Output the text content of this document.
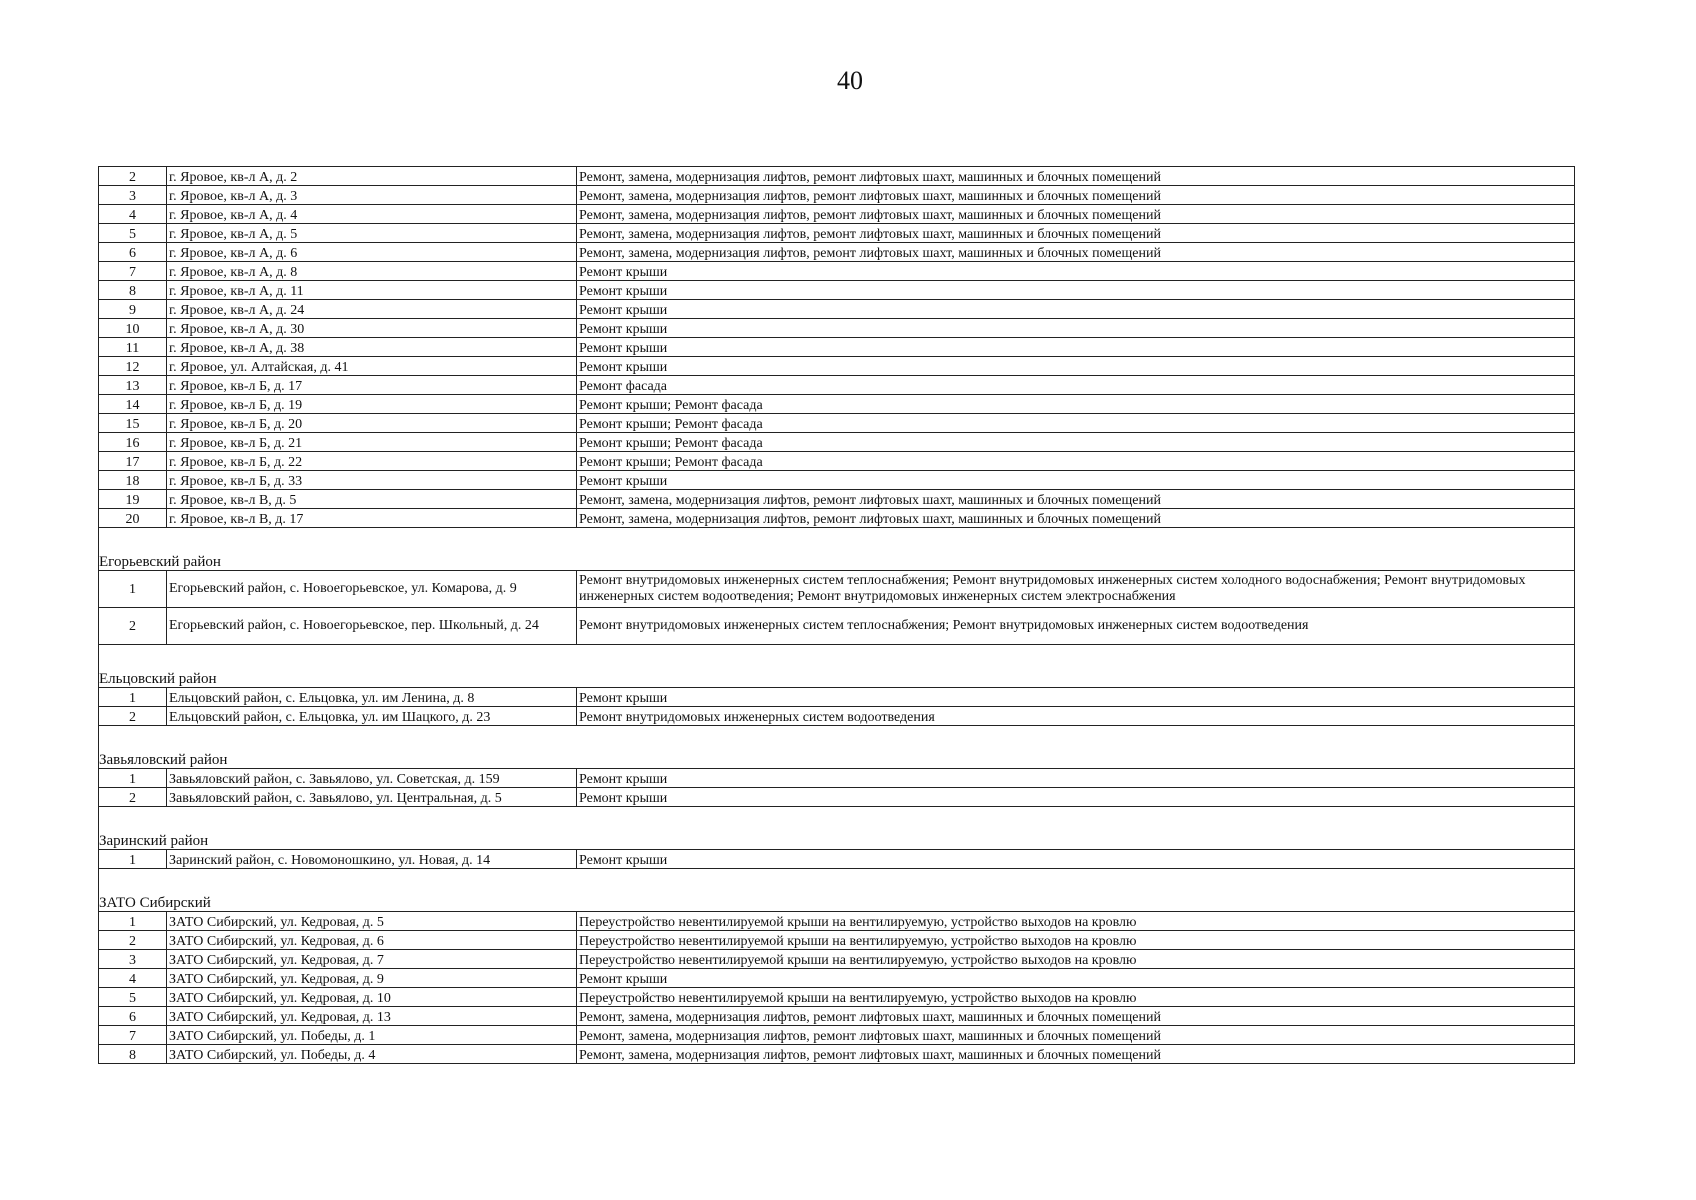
40
2	г. Яровое, кв-л А, д. 2	Ремонт, замена, модернизация лифтов, ремонт лифтовых шахт, машинных и блочных помещений
3	г. Яровое, кв-л А, д. 3	Ремонт, замена, модернизация лифтов, ремонт лифтовых шахт, машинных и блочных помещений
4	г. Яровое, кв-л А, д. 4	Ремонт, замена, модернизация лифтов, ремонт лифтовых шахт, машинных и блочных помещений
5	г. Яровое, кв-л А, д. 5	Ремонт, замена, модернизация лифтов, ремонт лифтовых шахт, машинных и блочных помещений
6	г. Яровое, кв-л А, д. 6	Ремонт, замена, модернизация лифтов, ремонт лифтовых шахт, машинных и блочных помещений
7	г. Яровое, кв-л А, д. 8	Ремонт крыши
8	г. Яровое, кв-л А, д. 11	Ремонт крыши
9	г. Яровое, кв-л А, д. 24	Ремонт крыши
10	г. Яровое, кв-л А, д. 30	Ремонт крыши
11	г. Яровое, кв-л А, д. 38	Ремонт крыши
12	г. Яровое, ул. Алтайская, д. 41	Ремонт крыши
13	г. Яровое, кв-л Б, д. 17	Ремонт фасада
14	г. Яровое, кв-л Б, д. 19	Ремонт крыши; Ремонт фасада
15	г. Яровое, кв-л Б, д. 20	Ремонт крыши; Ремонт фасада
16	г. Яровое, кв-л Б, д. 21	Ремонт крыши; Ремонт фасада
17	г. Яровое, кв-л Б, д. 22	Ремонт крыши; Ремонт фасада
18	г. Яровое, кв-л Б, д. 33	Ремонт крыши
19	г. Яровое, кв-л В, д. 5	Ремонт, замена, модернизация лифтов, ремонт лифтовых шахт, машинных и блочных помещений
20	г. Яровое, кв-л В, д. 17	Ремонт, замена, модернизация лифтов, ремонт лифтовых шахт, машинных и блочных помещений

Егорьевский район		
1	Егорьевский район, с. Новоегорьевское, ул. Комарова, д. 9	Ремонт внутридомовых инженерных систем теплоснабжения; Ремонт внутридомовых инженерных систем холодного водоснабжения; Ремонт внутридомовых инженерных систем водоотведения; Ремонт внутридомовых инженерных систем электроснабжения
2	Егорьевский район, с. Новоегорьевское, пер. Школьный, д. 24	Ремонт внутридомовых инженерных систем теплоснабжения; Ремонт внутридомовых инженерных систем водоотведения

Ельцовский район		
1	Ельцовский район, с. Ельцовка, ул. им Ленина, д. 8	Ремонт крыши
2	Ельцовский район, с. Ельцовка, ул. им Шацкого, д. 23	Ремонт внутридомовых инженерных систем водоотведения

Завьяловский район		
1	Завьяловский район, с. Завьялово, ул. Советская, д. 159	Ремонт крыши
2	Завьяловский район, с. Завьялово, ул. Центральная, д. 5	Ремонт крыши

Заринский район		
1	Заринский район, с. Новомоношкино, ул. Новая, д. 14	Ремонт крыши

ЗАТО Сибирский		
1	ЗАТО Сибирский, ул. Кедровая, д. 5	Переустройство невентилируемой крыши на вентилируемую, устройство выходов на кровлю
2	ЗАТО Сибирский, ул. Кедровая, д. 6	Переустройство невентилируемой крыши на вентилируемую, устройство выходов на кровлю
3	ЗАТО Сибирский, ул. Кедровая, д. 7	Переустройство невентилируемой крыши на вентилируемую, устройство выходов на кровлю
4	ЗАТО Сибирский, ул. Кедровая, д. 9	Ремонт крыши
5	ЗАТО Сибирский, ул. Кедровая, д. 10	Переустройство невентилируемой крыши на вентилируемую, устройство выходов на кровлю
6	ЗАТО Сибирский, ул. Кедровая, д. 13	Ремонт, замена, модернизация лифтов, ремонт лифтовых шахт, машинных и блочных помещений
7	ЗАТО Сибирский, ул. Победы, д. 1	Ремонт, замена, модернизация лифтов, ремонт лифтовых шахт, машинных и блочных помещений
8	ЗАТО Сибирский, ул. Победы, д. 4	Ремонт, замена, модернизация лифтов, ремонт лифтовых шахт, машинных и блочных помещений
